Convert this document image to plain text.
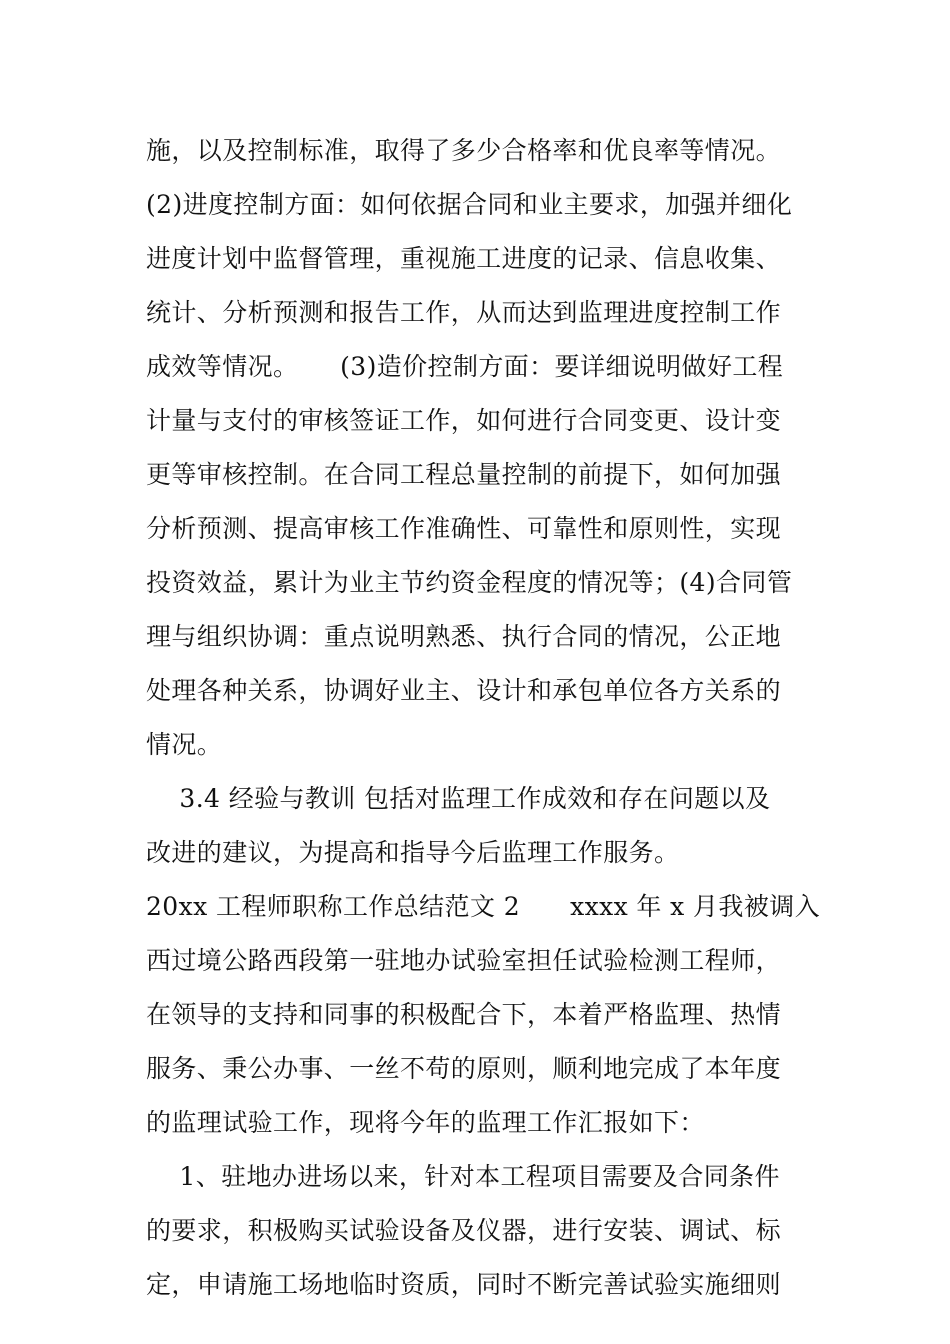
施，以及控制标准，取得了多少合格率和优良率等情况。
(2)进度控制方面：如何依据合同和业主要求，加强并细化
进度计划中监督管理，重视施工进度的记录、信息收集、
统计、分析预测和报告工作，从而达到监理进度控制工作
成效等情况。     (3)造价控制方面：要详细说明做好工程
计量与支付的审核签证工作，如何进行合同变更、设计变
更等审核控制。在合同工程总量控制的前提下，如何加强
分析预测、提高审核工作准确性、可靠性和原则性，实现
投资效益，累计为业主节约资金程度的情况等；(4)合同管
理与组织协调：重点说明熟悉、执行合同的情况，公正地
处理各种关系，协调好业主、设计和承包单位各方关系的
情况。
3.4 经验与教训 包括对监理工作成效和存在问题以及
改进的建议，为提高和指导今后监理工作服务。
20xx 工程师职称工作总结范文 2      xxxx 年 x 月我被调入
西过境公路西段第一驻地办试验室担任试验检测工程师，
在领导的支持和同事的积极配合下，本着严格监理、热情
服务、秉公办事、一丝不苟的原则，顺利地完成了本年度
的监理试验工作，现将今年的监理工作汇报如下：
1、驻地办进场以来，针对本工程项目需要及合同条件
的要求，积极购买试验设备及仪器，进行安装、调试、标
定，申请施工场地临时资质，同时不断完善试验实施细则
